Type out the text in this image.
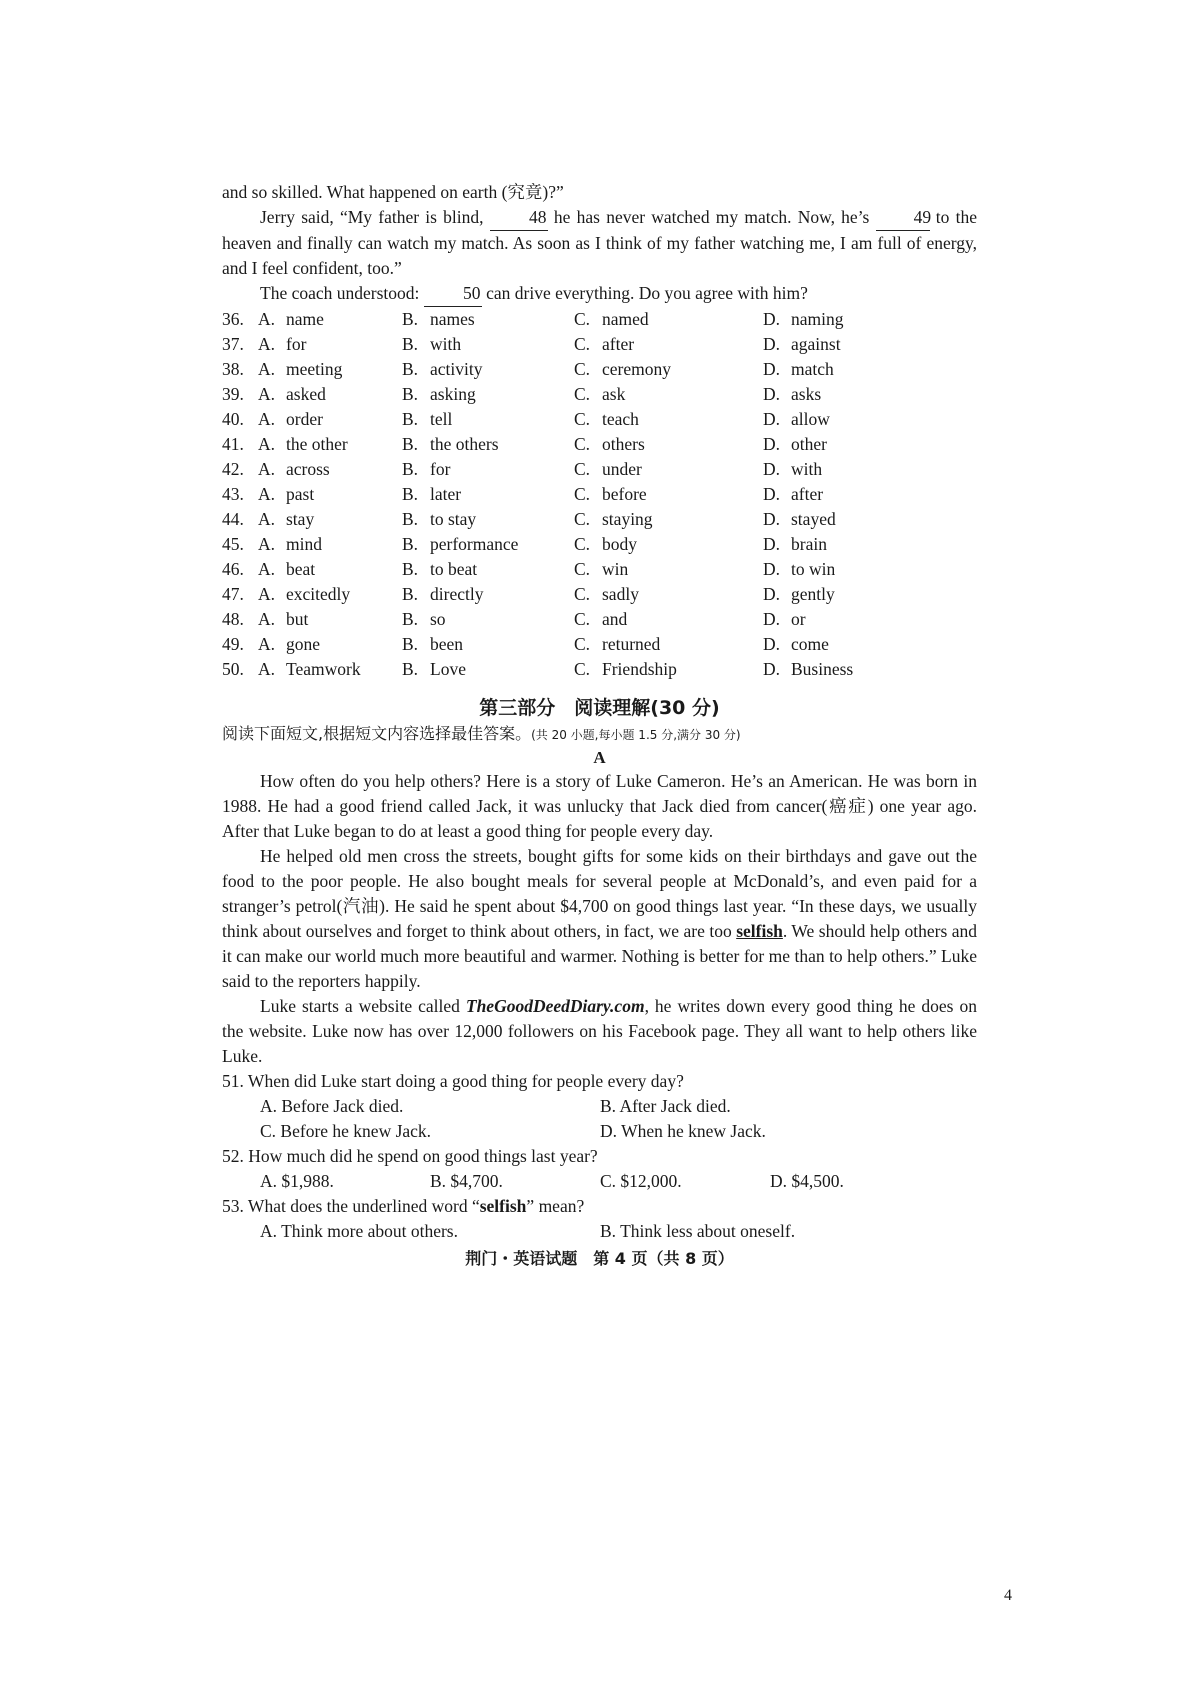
and so skilled. What happened on earth (究竟)?”

Jerry said, “My father is blind, 48 he has never watched my match. Now, he’s 49 to the heaven and finally can watch my match. As soon as I think of my father watching me, I am full of energy, and I feel confident, too.”

The coach understood: 50 can drive everything. Do you agree with him?

36.	A. name	B. names	C. named	D. naming
37.	A. for	B. with	C. after	D. against
38.	A. meeting	B. activity	C. ceremony	D. match
39.	A. asked	B. asking	C. ask	D. asks
40.	A. order	B. tell	C. teach	D. allow
41.	A. the other	B. the others	C. others	D. other
42.	A. across	B. for	C. under	D. with
43.	A. past	B. later	C. before	D. after
44.	A. stay	B. to stay	C. staying	D. stayed
45.	A. mind	B. performance	C. body	D. brain
46.	A. beat	B. to beat	C. win	D. to win
47.	A. excitedly	B. directly	C. sadly	D. gently
48.	A. but	B. so	C. and	D. or
49.	A. gone	B. been	C. returned	D. come
50.	A. Teamwork	B. Love	C. Friendship	D. Business
第三部分　阅读理解(30 分)

阅读下面短文,根据短文内容选择最佳答案。(共 20 小题,每小题 1.5 分,满分 30 分)

A

How often do you help others? Here is a story of Luke Cameron. He’s an American. He was born in 1988. He had a good friend called Jack, it was unlucky that Jack died from cancer(癌症) one year ago. After that Luke began to do at least a good thing for people every day.

He helped old men cross the streets, bought gifts for some kids on their birthdays and gave out the food to the poor people. He also bought meals for several people at McDonald’s, and even paid for a stranger’s petrol(汽油). He said he spent about $4,700 on good things last year. “In these days, we usually think about ourselves and forget to think about others, in fact, we are too selfish. We should help others and it can make our world much more beautiful and warmer. Nothing is better for me than to help others.” Luke said to the reporters happily.

Luke starts a website called TheGoodDeedDiary.com, he writes down every good thing he does on the website. Luke now has over 12,000 followers on his Facebook page. They all want to help others like Luke.

51. When did Luke start doing a good thing for people every day?

A. Before Jack died.	B. After Jack died.
C. Before he knew Jack.	D. When he knew Jack.

52. How much did he spend on good things last year?

A. $1,988.	B. $4,700.	C. $12,000.	D. $4,500.

53. What does the underlined word “selfish” mean?

A. Think more about others.	B. Think less about oneself.
荆门・英语试题　第 4 页（共 8 页）
4
